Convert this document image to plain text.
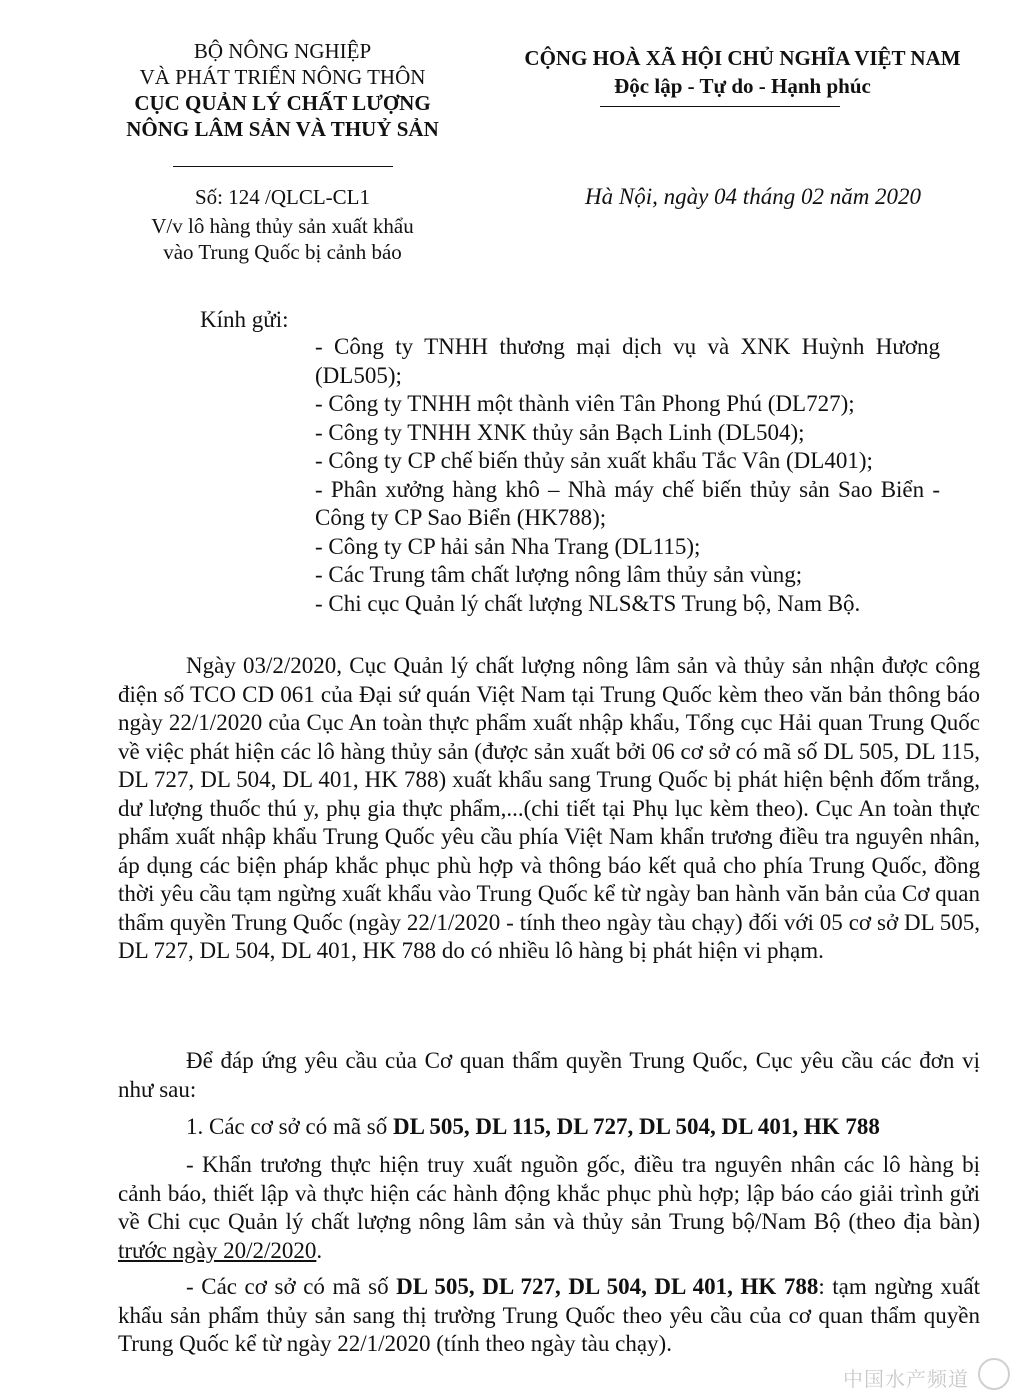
BỘ NÔNG NGHIỆP
VÀ PHÁT TRIỂN NÔNG THÔN
CỤC QUẢN LÝ CHẤT LƯỢNG
NÔNG LÂM SẢN VÀ THUỶ SẢN
Số: 124 /QLCL-CL1
V/v lô hàng thủy sản xuất khẩu
vào Trung Quốc bị cảnh báo
CỘNG HOÀ XÃ HỘI CHỦ NGHĨA VIỆT NAM
Độc lập - Tự do - Hạnh phúc
Hà Nội, ngày 04 tháng 02 năm 2020
Kính gửi:
- Công ty TNHH thương mại dịch vụ và XNK Huỳnh Hương (DL505);
- Công ty TNHH một thành viên Tân Phong Phú (DL727);
- Công ty TNHH XNK thủy sản Bạch Linh (DL504);
- Công ty CP chế biến thủy sản xuất khẩu Tắc Vân (DL401);
- Phân xưởng hàng khô – Nhà máy chế biến thủy sản Sao Biển - Công ty CP Sao Biển (HK788);
- Công ty CP hải sản Nha Trang (DL115);
- Các Trung tâm chất lượng nông lâm thủy sản vùng;
- Chi cục Quản lý chất lượng NLS&TS Trung bộ, Nam Bộ.
Ngày 03/2/2020, Cục Quản lý chất lượng nông lâm sản và thủy sản nhận được công điện số TCO CD 061 của Đại sứ quán Việt Nam tại Trung Quốc kèm theo văn bản thông báo ngày 22/1/2020 của Cục An toàn thực phẩm xuất nhập khẩu, Tổng cục Hải quan Trung Quốc về việc phát hiện các lô hàng thủy sản (được sản xuất bởi 06 cơ sở có mã số DL 505, DL 115, DL 727, DL 504, DL 401, HK 788) xuất khẩu sang Trung Quốc bị phát hiện bệnh đốm trắng, dư lượng thuốc thú y, phụ gia thực phẩm,...(chi tiết tại Phụ lục kèm theo). Cục An toàn thực phẩm xuất nhập khẩu Trung Quốc yêu cầu phía Việt Nam khẩn trương điều tra nguyên nhân, áp dụng các biện pháp khắc phục phù hợp và thông báo kết quả cho phía Trung Quốc, đồng thời yêu cầu tạm ngừng xuất khẩu vào Trung Quốc kể từ ngày ban hành văn bản của Cơ quan thẩm quyền Trung Quốc (ngày 22/1/2020 - tính theo ngày tàu chạy) đối với 05 cơ sở DL 505, DL 727, DL 504, DL 401, HK 788 do có nhiều lô hàng bị phát hiện vi phạm.
Để đáp ứng yêu cầu của Cơ quan thẩm quyền Trung Quốc, Cục yêu cầu các đơn vị như sau:
1. Các cơ sở có mã số DL 505, DL 115, DL 727, DL 504, DL 401, HK 788
- Khẩn trương thực hiện truy xuất nguồn gốc, điều tra nguyên nhân các lô hàng bị cảnh báo, thiết lập và thực hiện các hành động khắc phục phù hợp; lập báo cáo giải trình gửi về Chi cục Quản lý chất lượng nông lâm sản và thủy sản Trung bộ/Nam Bộ (theo địa bàn) trước ngày 20/2/2020.
- Các cơ sở có mã số DL 505, DL 727, DL 504, DL 401, HK 788: tạm ngừng xuất khẩu sản phẩm thủy sản sang thị trường Trung Quốc theo yêu cầu của cơ quan thẩm quyền Trung Quốc kể từ ngày 22/1/2020 (tính theo ngày tàu chạy).
中国水产频道
